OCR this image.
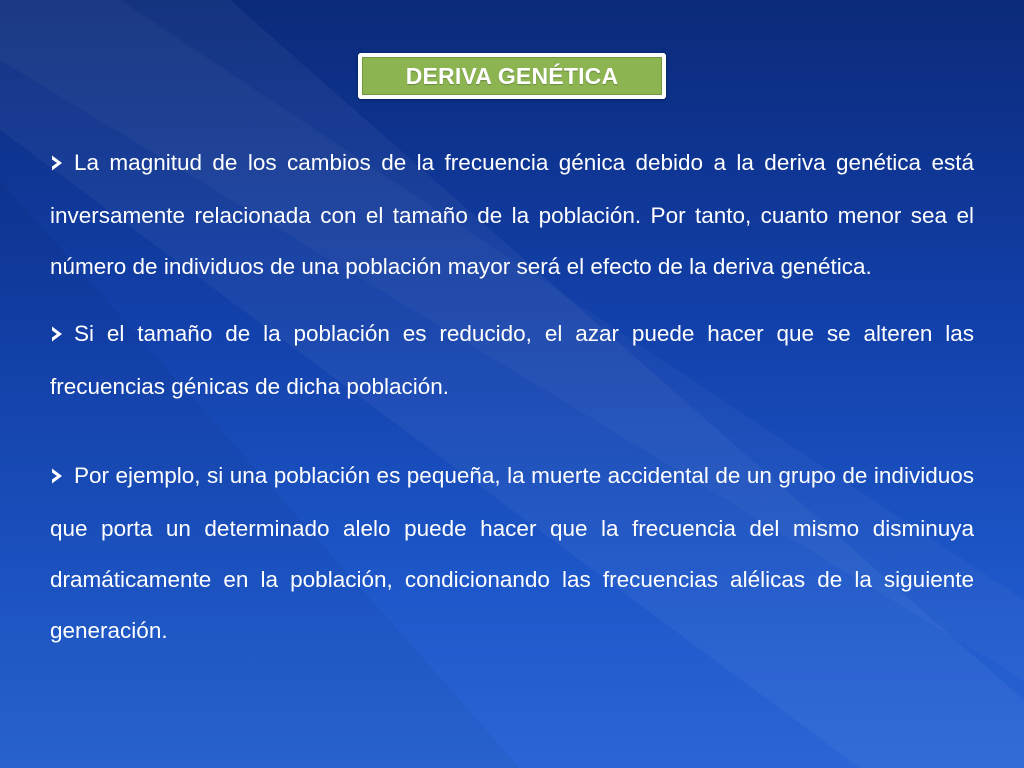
DERIVA GENÉTICA

La magnitud de los cambios de la frecuencia génica debido a la deriva genética está inversamente relacionada con el tamaño de la población. Por tanto, cuanto menor sea el número de individuos de una población mayor será el efecto de la deriva genética.

Si el tamaño de la población es reducido, el azar puede hacer que se alteren las frecuencias génicas de dicha población.

Por ejemplo, si una población es pequeña, la muerte accidental de un grupo de individuos que porta un determinado alelo puede hacer que la frecuencia del mismo disminuya dramáticamente en la población, condicionando las frecuencias alélicas de la siguiente generación.
